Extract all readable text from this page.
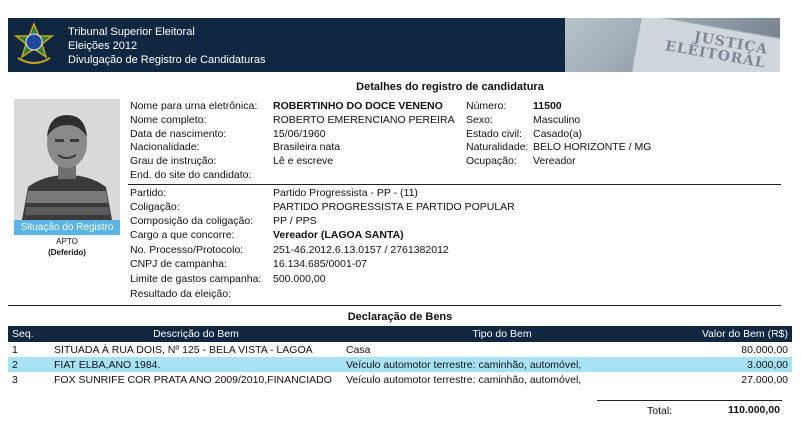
Tribunal Superior Eleitoral
Eleições 2012
Divulgação de Registro de Candidaturas
JUSTIÇA ELEITORAL
Detalhes do registro de candidatura
Situação do Registro
APTO
(Deferido)
Nome para urna eletrônica: ROBERTINHO DO DOCE VENENO
Nome completo:	ROBERTO EMERENCIANO PEREIRA
Data de nascimento:	15/06/1960
Nacionalidade:	Brasileira nata
Grau de instrução:	Lê e escreve
End. do site do candidato:
Número:	11500
Sexo:	Masculino
Estado civil: Casado(a)
Naturalidade: BELO HORIZONTE / MG
Ocupação: Vereador
Partido:	Partido Progressista - PP - (11)
Coligação:	PARTIDO PROGRESSISTA E PARTIDO POPULAR
Composição da coligação: PP / PPS
Cargo a que concorre:	Vereador (LAGOA SANTA)
No. Processo/Protocolo:	251-46.2012.6.13.0157 / 2761382012
CNPJ de campanha:	16.134.685/0001-07
Limite de gastos campanha: 500.000,00
Resultado da eleição:
Declaração de Bens
Seq.	Descrição do Bem	Tipo do Bem	Valor do Bem (R$)
1	SITUADA À RUA DOIS, Nº 125 - BELA VISTA - LAGOA	Casa	80.000,00
2	FIAT ELBA,ANO 1984.	Veículo automotor terrestre: caminhão, automóvel,	3.000,00
3	FOX SUNRIFE COR PRATA ANO 2009/2010,FINANCIADO	Veículo automotor terrestre: caminhão, automóvel,	27.000,00
Total:	110.000,00
